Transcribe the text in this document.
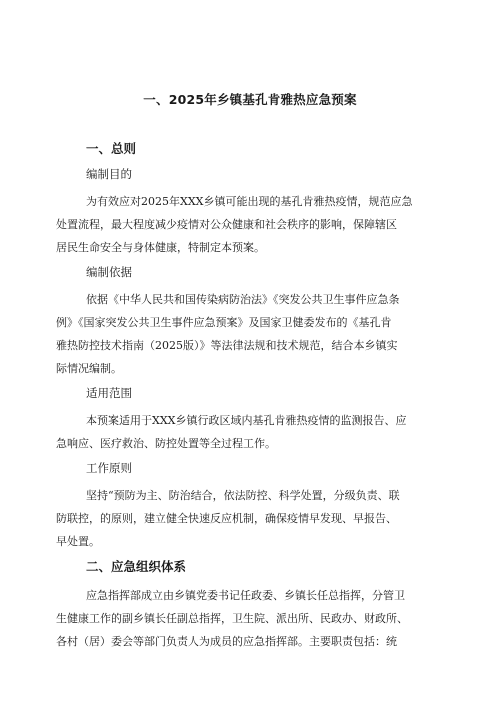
一、2025年乡镇基孔肯雅热应急预案
一、总则
编制目的
为有效应对2025年XXX乡镇可能出现的基孔肯雅热疫情，规范应急
处置流程，最大程度减少疫情对公众健康和社会秩序的影响，保障辖区
居民生命安全与身体健康，特制定本预案。
编制依据
依据《中华人民共和国传染病防治法》《突发公共卫生事件应急条
例》《国家突发公共卫生事件应急预案》及国家卫健委发布的《基孔肯
雅热防控技术指南（2025版）》等法律法规和技术规范，结合本乡镇实
际情况编制。
适用范围
本预案适用于XXX乡镇行政区域内基孔肯雅热疫情的监测报告、应
急响应、医疗救治、防控处置等全过程工作。
工作原则
坚持“预防为主、防治结合，依法防控、科学处置，分级负责、联
防联控，的原则，建立健全快速反应机制，确保疫情早发现、早报告、
早处置。
二、应急组织体系
应急指挥部成立由乡镇党委书记任政委、乡镇长任总指挥，分管卫
生健康工作的副乡镇长任副总指挥，卫生院、派出所、民政办、财政所、
各村（居）委会等部门负责人为成员的应急指挥部。主要职责包括：统
